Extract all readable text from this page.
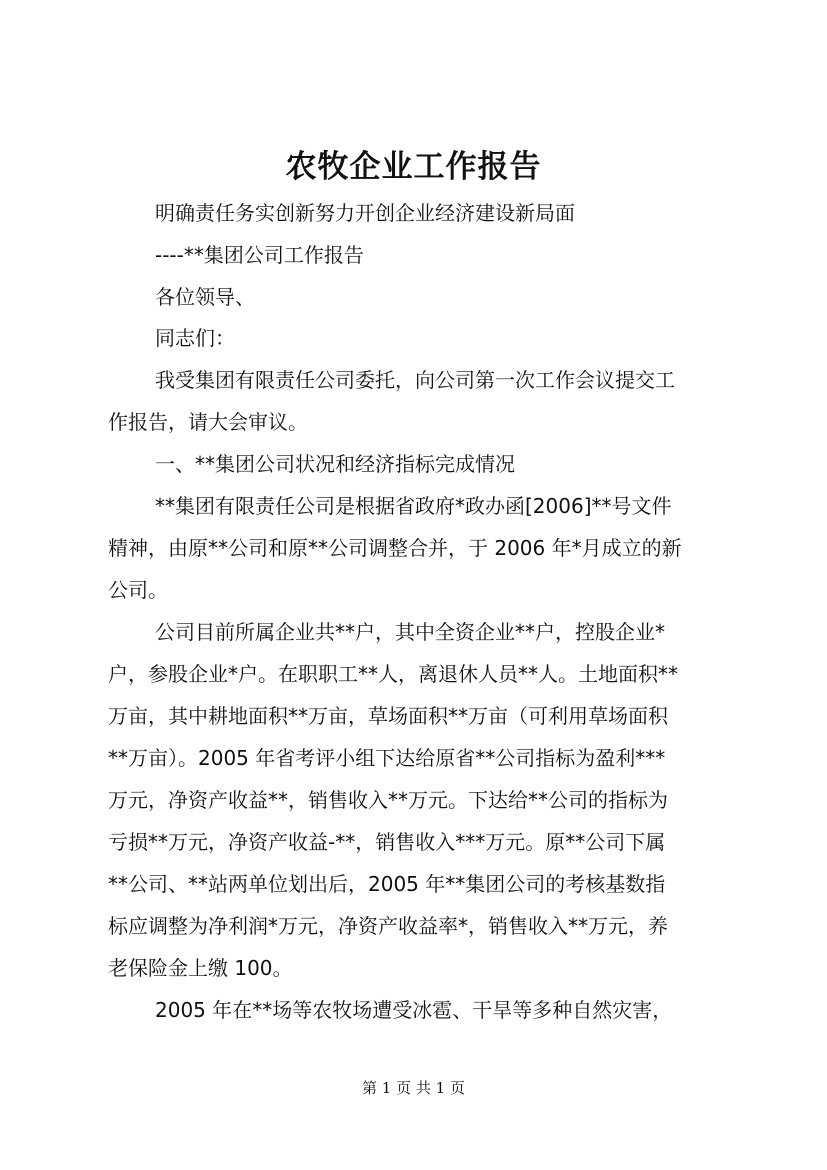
农牧企业工作报告
明确责任务实创新努力开创企业经济建设新局面
----**集团公司工作报告
各位领导、
同志们：
我受集团有限责任公司委托，向公司第一次工作会议提交工
作报告，请大会审议。
一、**集团公司状况和经济指标完成情况
**集团有限责任公司是根据省政府*政办函[2006]**号文件
精神，由原**公司和原**公司调整合并，于 2006 年*月成立的新
公司。
公司目前所属企业共**户，其中全资企业**户，控股企业*
户，参股企业*户。在职职工**人，离退休人员**人。土地面积**
万亩，其中耕地面积**万亩，草场面积**万亩（可利用草场面积
**万亩）。2005 年省考评小组下达给原省**公司指标为盈利***
万元，净资产收益**，销售收入**万元。下达给**公司的指标为
亏损**万元，净资产收益-**，销售收入***万元。原**公司下属
**公司、**站两单位划出后，2005 年**集团公司的考核基数指
标应调整为净利润*万元，净资产收益率*，销售收入**万元，养
老保险金上缴 100。
2005 年在**场等农牧场遭受冰雹、干旱等多种自然灾害，
第 1 页 共 1 页
